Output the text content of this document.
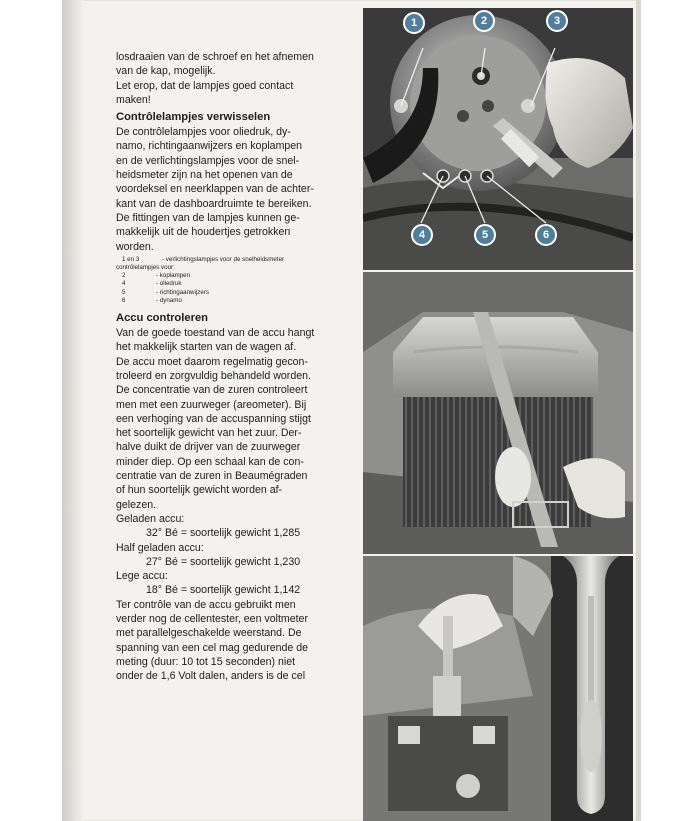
losdraaien van de schroef en het afnemen

van de kap, mogelijk.

Let erop, dat de lampjes goed contact

maken!

Contrôlelampjes verwisselen

De contrôlelampjes voor oliedruk, dy-

namo, richtingaanwijzers en koplampen

en de verlichtingslampjes voor de snel-

heidsmeter zijn na het openen van de

voordeksel en neerklappen van de achter-

kant van de dashboardruimte te bereiken.

De fittingen van de lampjes kunnen ge-

makkelijk uit de houdertjes getrokken

worden.

1 en 3	- verlichtingslampjes voor de snelheidsmeter
contrôlelampjes voor:
2	- koplampen
4	- oliedruk
5	- richtingaanwijzers
6	- dynamo
Accu controleren

Van de goede toestand van de accu hangt

het makkelijk starten van de wagen af.

De accu moet daarom regelmatig gecon-

troleerd en zorgvuldig behandeld worden.

De concentratie van de zuren controleert

men met een zuurweger (areometer). Bij

een verhoging van de accuspanning stijgt

het soortelijk gewicht van het zuur. Der-

halve duikt de drijver van de zuurweger

minder diep. Op een schaal kan de con-

centratie van de zuren in Beaumégraden

of hun soortelijk gewicht worden af-

gelezen.

Geladen accu:

32° Bé = soortelijk gewicht 1,285

Half geladen accu:

27° Bé = soortelijk gewicht 1,230

Lege accu:

18° Bé = soortelijk gewicht 1,142

Ter contrôle van de accu gebruikt men

verder nog de cellentester, een voltmeter

met parallelgeschakelde weerstand. De

spanning van een cel mag gedurende de

meting (duur: 10 tot 15 seconden) niet

onder de 1,6 Volt dalen, anders is de cel

1	2	3
4	5	6
